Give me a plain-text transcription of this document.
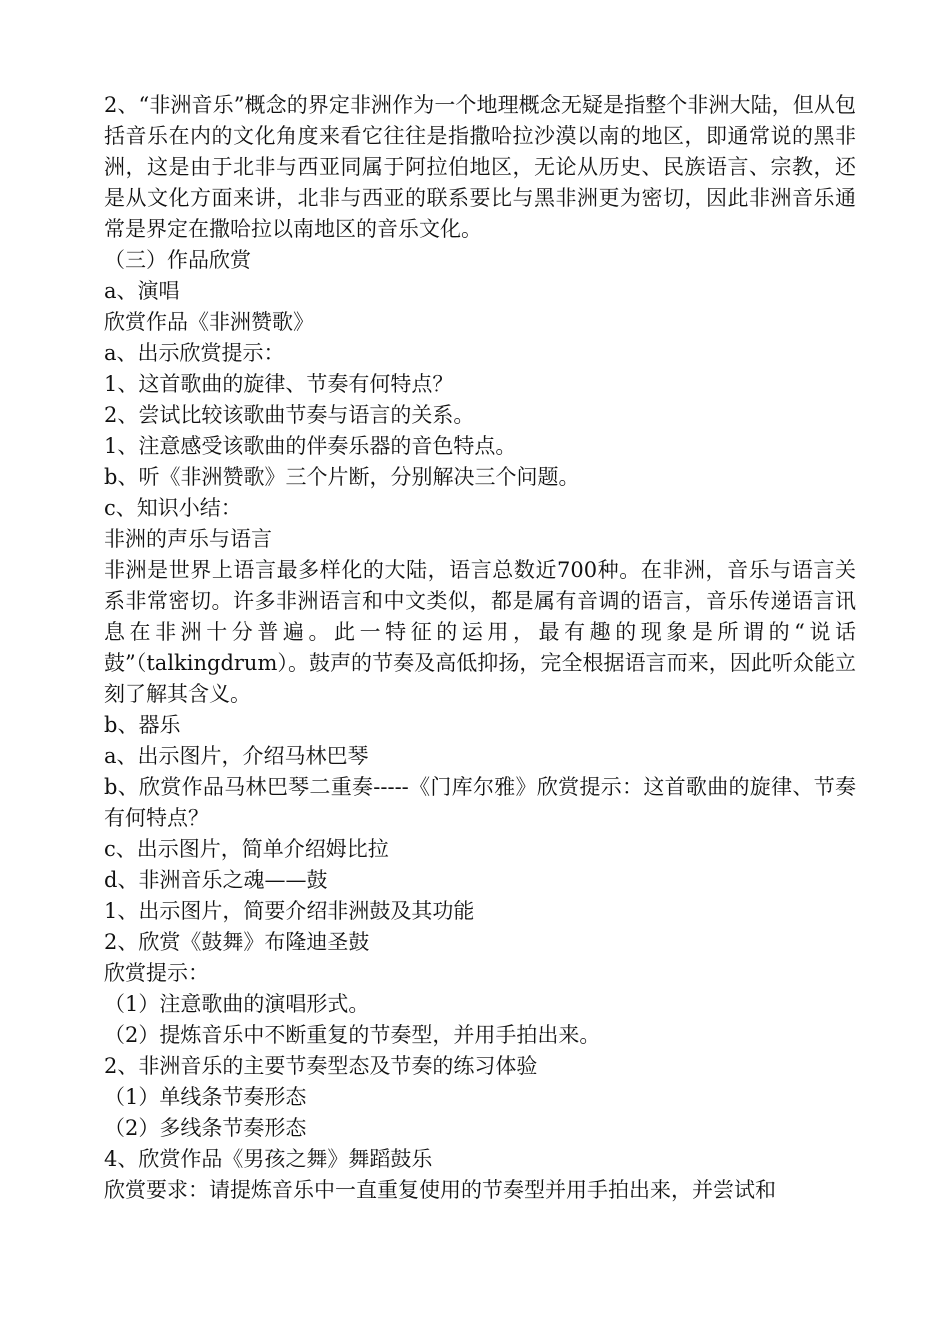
2、“非洲音乐”概念的界定非洲作为一个地理概念无疑是指整个非洲大陆，但从包括音乐在内的文化角度来看它往往是指撒哈拉沙漠以南的地区，即通常说的黑非洲，这是由于北非与西亚同属于阿拉伯地区，无论从历史、民族语言、宗教，还是从文化方面来讲，北非与西亚的联系要比与黑非洲更为密切，因此非洲音乐通常是界定在撒哈拉以南地区的音乐文化。

（三）作品欣赏

a、演唱

欣赏作品《非洲赞歌》

a、出示欣赏提示：

1、这首歌曲的旋律、节奏有何特点？

2、尝试比较该歌曲节奏与语言的关系。

1、注意感受该歌曲的伴奏乐器的音色特点。

b、听《非洲赞歌》三个片断，分别解决三个问题。

c、知识小结：

非洲的声乐与语言

非洲是世界上语言最多样化的大陆，语言总数近700种。在非洲，音乐与语言关系非常密切。许多非洲语言和中文类似，都是属有音调的语言，音乐传递语言讯息在非洲十分普遍。此一特征的运用，最有趣的现象是所谓的“说话鼓”（talkingdrum）。鼓声的节奏及高低抑扬，完全根据语言而来，因此听众能立刻了解其含义。

b、器乐

a、出示图片，介绍马林巴琴

b、欣赏作品马林巴琴二重奏-----《门库尔雅》欣赏提示：这首歌曲的旋律、节奏有何特点？

c、出示图片，简单介绍姆比拉

d、非洲音乐之魂——鼓

1、出示图片，简要介绍非洲鼓及其功能

2、欣赏《鼓舞》布隆迪圣鼓

欣赏提示：

（1）注意歌曲的演唱形式。

（2）提炼音乐中不断重复的节奏型，并用手拍出来。

2、非洲音乐的主要节奏型态及节奏的练习体验

（1）单线条节奏形态

（2）多线条节奏形态

4、欣赏作品《男孩之舞》舞蹈鼓乐

欣赏要求：请提炼音乐中一直重复使用的节奏型并用手拍出来，并尝试和
